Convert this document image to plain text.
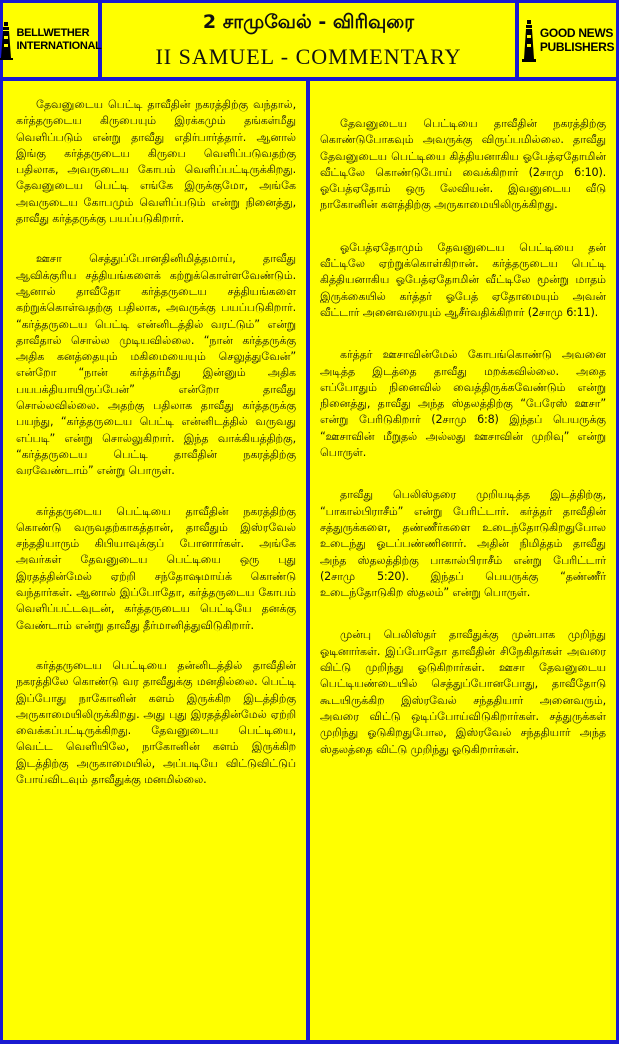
BELLWETHER
INTERNATIONAL
2 சாமுவேல் - விரிவுரை
II SAMUEL - COMMENTARY
GOOD NEWS
PUBLISHERS

தேவனுடைய பெட்டி தாவீதின் நகரத்திற்கு வந்தால், கர்த்தருடைய கிருபையும் இரக்கமும் தங்கள்மீது வெளிப்படும் என்று தாவீது எதிர்பார்த்தார். ஆனால் இங்கு கர்த்தருடைய கிருபை வெளிப்படுவதற்கு பதிலாக, அவருடைய கோபம் வெளிப்பட்டிருக்கிறது. தேவனுடைய பெட்டி எங்கே இருக்குமோ, அங்கே அவருடைய கோபமும் வெளிப்படும் என்று நினைத்து, தாவீது கர்த்தருக்கு பயப்படுகிறார்.

ஊசா செத்துப்போனதினிமித்தமாய், தாவீது ஆவிக்குரிய சத்தியங்களைக் கற்றுக்கொள்ளவேண்டும். ஆனால் தாவீதோ கர்த்தருடைய சத்தியங்களை கற்றுக்கொள்வதற்கு பதிலாக, அவருக்கு பயப்படுகிறார். “கர்த்தருடைய பெட்டி என்னிடத்தில் வரட்டும்” என்று தாவீதால் சொல்ல முடியவில்லை. “நான் கர்த்தருக்கு அதிக கனத்தையும் மகிமையையும் செலுத்துவேன்” என்றோ “நான் கர்த்தர்மீது இன்னும் அதிக பயபக்தியாயிருப்பேன்” என்றோ தாவீது சொல்லவில்லை. அதற்கு பதிலாக தாவீது கர்த்தருக்கு பயந்து, “கர்த்தருடைய பெட்டி என்னிடத்தில் வருவது எப்படி” என்று சொல்லுகிறார். இந்த வாக்கியத்திற்கு, “கர்த்தருடைய பெட்டி தாவீதின் நகரத்திற்கு வரவேண்டாம்” என்று பொருள்.

கர்த்தருடைய பெட்டியை தாவீதின் நகரத்திற்கு கொண்டு வருவதற்காகத்தான், தாவீதும் இஸ்ரவேல் சந்ததியாரும் கிபியாவுக்குப் போனார்கள். அங்கே அவர்கள் தேவனுடைய பெட்டியை ஒரு புது இரதத்தின்மேல் ஏற்றி சந்தோஷமாய்க் கொண்டு வந்தார்கள். ஆனால் இப்போதோ, கர்த்தருடைய கோபம் வெளிப்பட்டவுடன், கர்த்தருடைய பெட்டியே தனக்கு வேண்டாம் என்று தாவீது தீர்மானித்துவிடுகிறார்.

கர்த்தருடைய பெட்டியை தன்னிடத்தில் தாவீதின் நகரத்திலே கொண்டு வர தாவீதுக்கு மனதில்லை. பெட்டி இப்போது நாகோனின் களம் இருக்கிற இடத்திற்கு அருகாமையிலிருக்கிறது. அது புது இரதத்தின்மேல் ஏற்றி வைக்கப்பட்டிருக்கிறது. தேவனுடைய பெட்டியை, வெட்ட வெளியிலே, நாகோனின் களம் இருக்கிற இடத்திற்கு அருகாமையில், அப்படியே விட்டுவிட்டுப் போய்விடவும் தாவீதுக்கு மனமில்லை.

தேவனுடைய பெட்டியை தாவீதின் நகரத்திற்கு கொண்டுபோகவும் அவருக்கு விருப்பமில்லை. தாவீது தேவனுடைய பெட்டியை கித்தியனாகிய ஓபேத்ஏதோமின் வீட்டிலே கொண்டுபோய் வைக்கிறார் (2சாமு 6:10). ஓபேத்ஏதோம் ஒரு லேவியன். இவனுடைய வீடு நாகோனின் களத்திற்கு அருகாமையிலிருக்கிறது.

ஓபேத்ஏதோமும் தேவனுடைய பெட்டியை தன் வீட்டிலே ஏற்றுக்கொள்கிறான். கர்த்தருடைய பெட்டி கித்தியனாகிய ஓபேத்ஏதோமின் வீட்டிலே மூன்று மாதம் இருக்கையில் கர்த்தர் ஓபேத் ஏதோமையும் அவன் வீட்டார் அனைவரையும் ஆசீர்வதிக்கிறார் (2சாமு 6:11).

கர்த்தர் ஊசாவின்மேல் கோபங்கொண்டு அவனை அடித்த இடத்தை தாவீது மறக்கவில்லை. அதை எப்போதும் நினைவில் வைத்திருக்கவேண்டும் என்று நினைத்து, தாவீது அந்த ஸ்தலத்திற்கு “பேரேஸ் ஊசா” என்று பேரிடுகிறார் (2சாமு 6:8) இந்தப் பெயருக்கு “ஊசாவின் மீறுதல் அல்லது ஊசாவின் முறிவு” என்று பொருள்.

தாவீது பெலிஸ்தரை முறியடித்த இடத்திற்கு, “பாகால்பிராசீம்” என்று பேரிட்டார். கர்த்தர் தாவீதின் சத்துருக்களை, தண்ணீர்களை உடைந்தோடுகிறதுபோல உடைந்து ஓடப்பண்ணினார். அதின் நிமித்தம் தாவீது அந்த ஸ்தலத்திற்கு பாகால்பிராசீம் என்று பேரிட்டார் (2சாமு 5:20). இந்தப் பெயருக்கு “தண்ணீர் உடைந்தோடுகிற ஸ்தலம்” என்று பொருள்.

முன்பு பெலிஸ்தர் தாவீதுக்கு முன்பாக முறிந்து ஓடினார்கள். இப்போதோ தாவீதின் சிநேகிதர்கள் அவரை விட்டு முறிந்து ஓடுகிறார்கள். ஊசா தேவனுடைய பெட்டியண்டையில் செத்துப்போனபோது, தாவீதோடு கூடயிருக்கிற இஸ்ரவேல் சந்ததியார் அனைவரும், அவரை விட்டு ஒடிப்போய்விடுகிறார்கள். சத்துருக்கள் முறிந்து ஓடுகிறதுபோல, இஸ்ரவேல் சந்ததியார் அந்த ஸ்தலத்தை விட்டு முறிந்து ஓடுகிறார்கள்.
